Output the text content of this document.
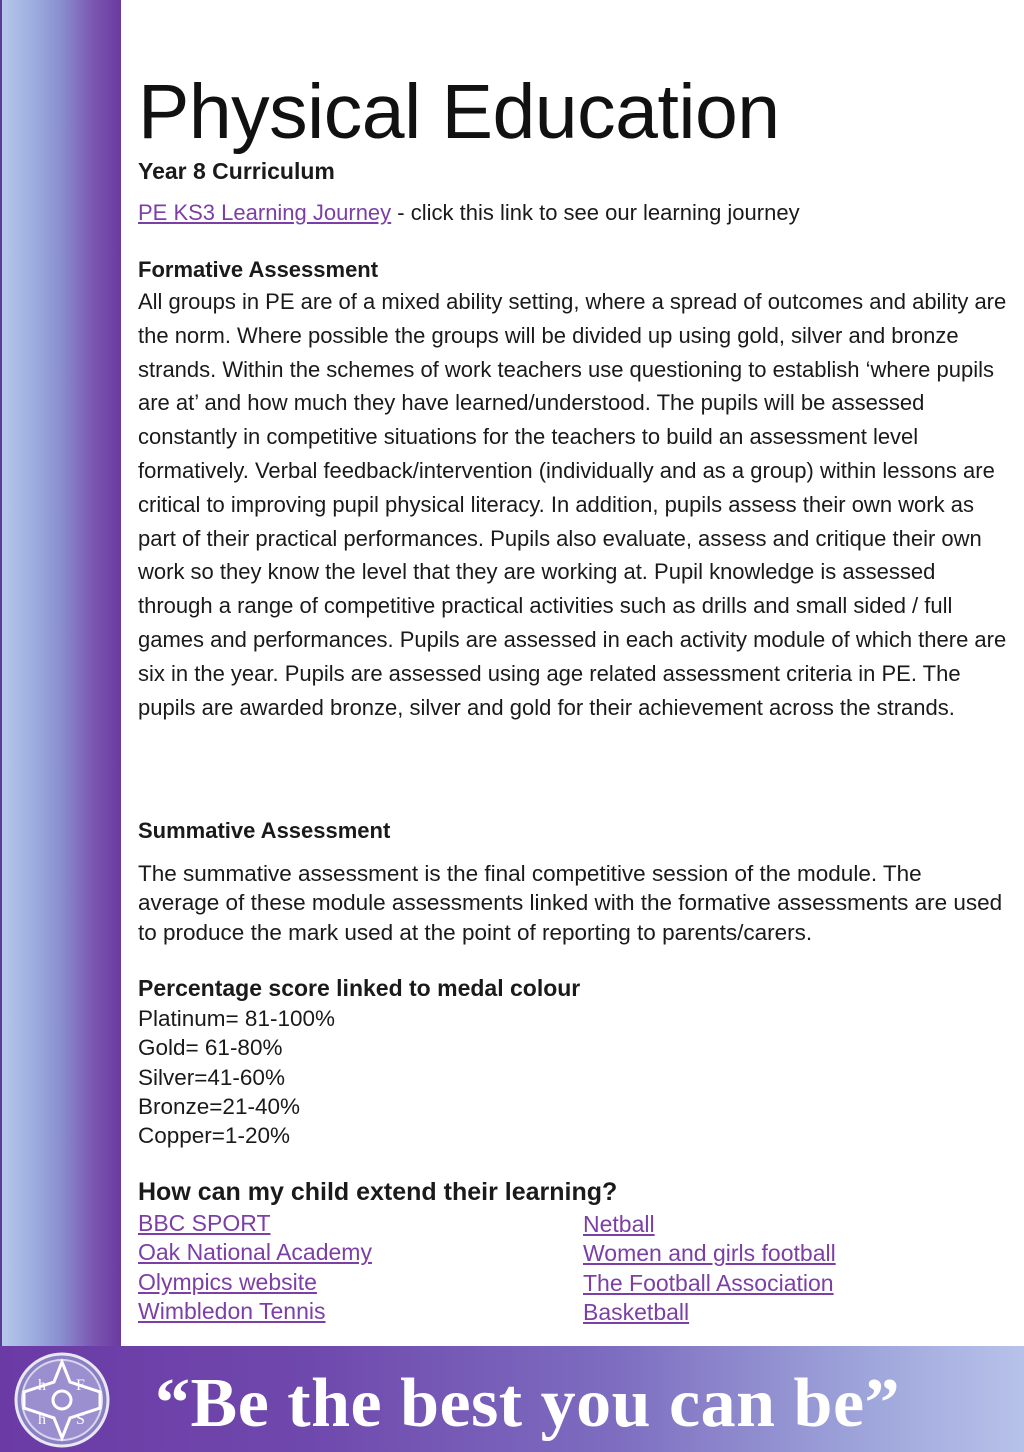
Physical Education
Year 8 Curriculum
PE KS3 Learning Journey - click this link to see our learning journey
Formative Assessment

All groups in PE are of a mixed ability setting, where a spread of outcomes and ability are the norm. Where possible the groups will be divided up using gold, silver and bronze strands. Within the schemes of work teachers use questioning to establish ‘where pupils are at’ and how much they have learned/understood. The pupils will be assessed constantly in competitive situations for the teachers to build an assessment level formatively. Verbal feedback/intervention (individually and as a group) within lessons are critical to improving pupil physical literacy. In addition, pupils assess their own work as part of their practical performances. Pupils also evaluate, assess and critique their own work so they know the level that they are working at. Pupil knowledge is assessed through a range of competitive practical activities such as drills and small sided / full games and performances. Pupils are assessed in each activity module of which there are six in the year. Pupils are assessed using age related assessment criteria in PE. The pupils are awarded bronze, silver and gold for their achievement across the strands.

Summative Assessment

The summative assessment is the final competitive session of the module. The average of these module assessments linked with the formative assessments are used to produce the mark used at the point of reporting to parents/carers.

Percentage score linked to medal colour
Platinum= 81-100%
Gold= 61-80%
Silver=41-60%
Bronze=21-40%
Copper=1-20%
How can my child extend their learning?
BBC SPORT
Oak National Academy
Olympics website
Wimbledon Tennis
Netball
Women and girls football
The Football Association
Basketball
h F
h S “Be the best you can be”
